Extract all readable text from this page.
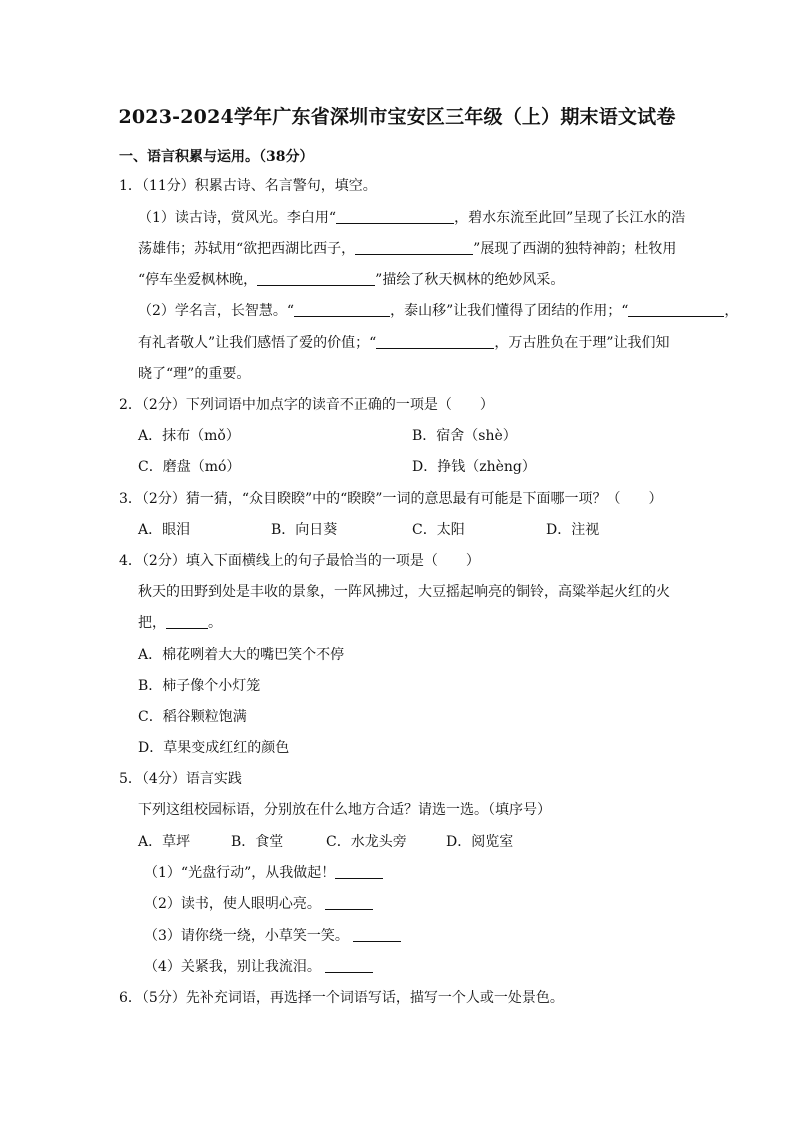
2023-2024学年广东省深圳市宝安区三年级（上）期末语文试卷
一、语言积累与运用。（38分）
1．（11分）积累古诗、名言警句，填空。
（1）读古诗，赏风光。李白用“	，碧水东流至此回”呈现了长江水的浩
荡雄伟；苏轼用“欲把西湖比西子，	”展现了西湖的独特神韵；杜牧用
“停车坐爱枫林晚，	”描绘了秋天枫林的绝妙风采。
（2）学名言，长智慧。“	，泰山移”让我们懂得了团结的作用；“	，
有礼者敬人”让我们感悟了爱的价值；“	，万古胜负在于理”让我们知
晓了“理”的重要。
2．（2分）下列词语中加点字的读音不正确的一项是（　　）
A．抹布（mǒ）	B．宿舍（shè）
C．磨盘（mó）	D．挣钱（zhèng）
3．（2分）猜一猜，“众目睽睽”中的“睽睽”一词的意思最有可能是下面哪一项？（　　）
A．眼泪	B．向日葵	C．太阳	D．注视
4．（2分）填入下面横线上的句子最恰当的一项是（　　）
秋天的田野到处是丰收的景象，一阵风拂过，大豆摇起响亮的铜铃，高粱举起火红的火
把，	。
A．棉花咧着大大的嘴巴笑个不停
B．柿子像个小灯笼
C．稻谷颗粒饱满
D．草果变成红红的颜色
5．（4分）语言实践
下列这组校园标语，分别放在什么地方合适？请选一选。（填序号）
A．草坪	B．食堂	C．水龙头旁	D．阅览室
（1）“光盘行动”，从我做起！
（2）读书，使人眼明心亮。
（3）请你绕一绕，小草笑一笑。
（4）关紧我，别让我流泪。
6．（5分）先补充词语，再选择一个词语写话，描写一个人或一处景色。
